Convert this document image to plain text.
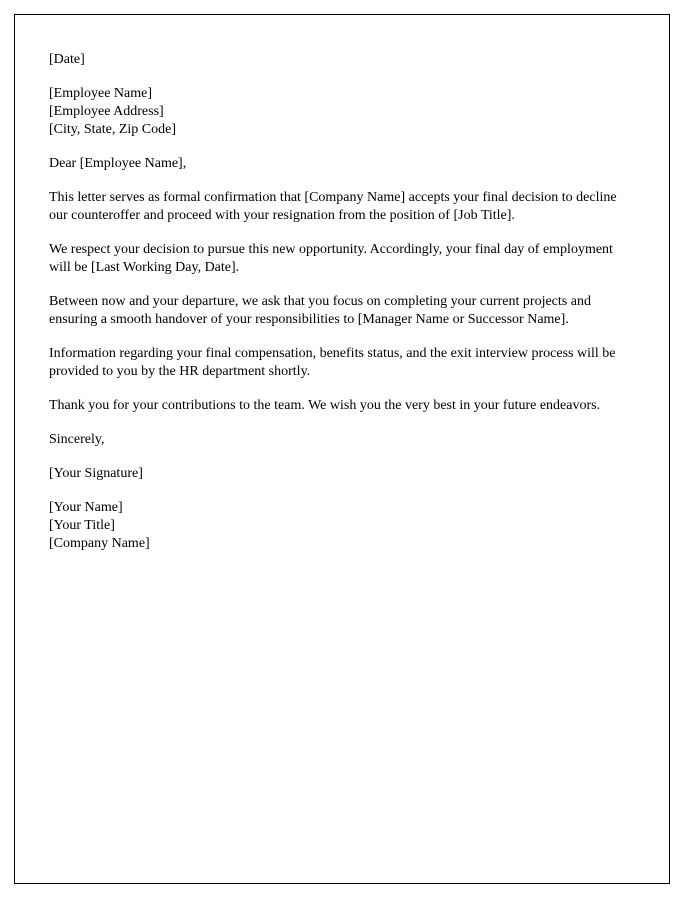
[Date]

[Employee Name]

[Employee Address]

[City, State, Zip Code]

Dear [Employee Name],

This letter serves as formal confirmation that [Company Name] accepts your final decision to decline our counteroffer and proceed with your resignation from the position of [Job Title].

We respect your decision to pursue this new opportunity. Accordingly, your final day of employment will be [Last Working Day, Date].

Between now and your departure, we ask that you focus on completing your current projects and ensuring a smooth handover of your responsibilities to [Manager Name or Successor Name].

Information regarding your final compensation, benefits status, and the exit interview process will be provided to you by the HR department shortly.

Thank you for your contributions to the team. We wish you the very best in your future endeavors.

Sincerely,

[Your Signature]

[Your Name]

[Your Title]

[Company Name]
